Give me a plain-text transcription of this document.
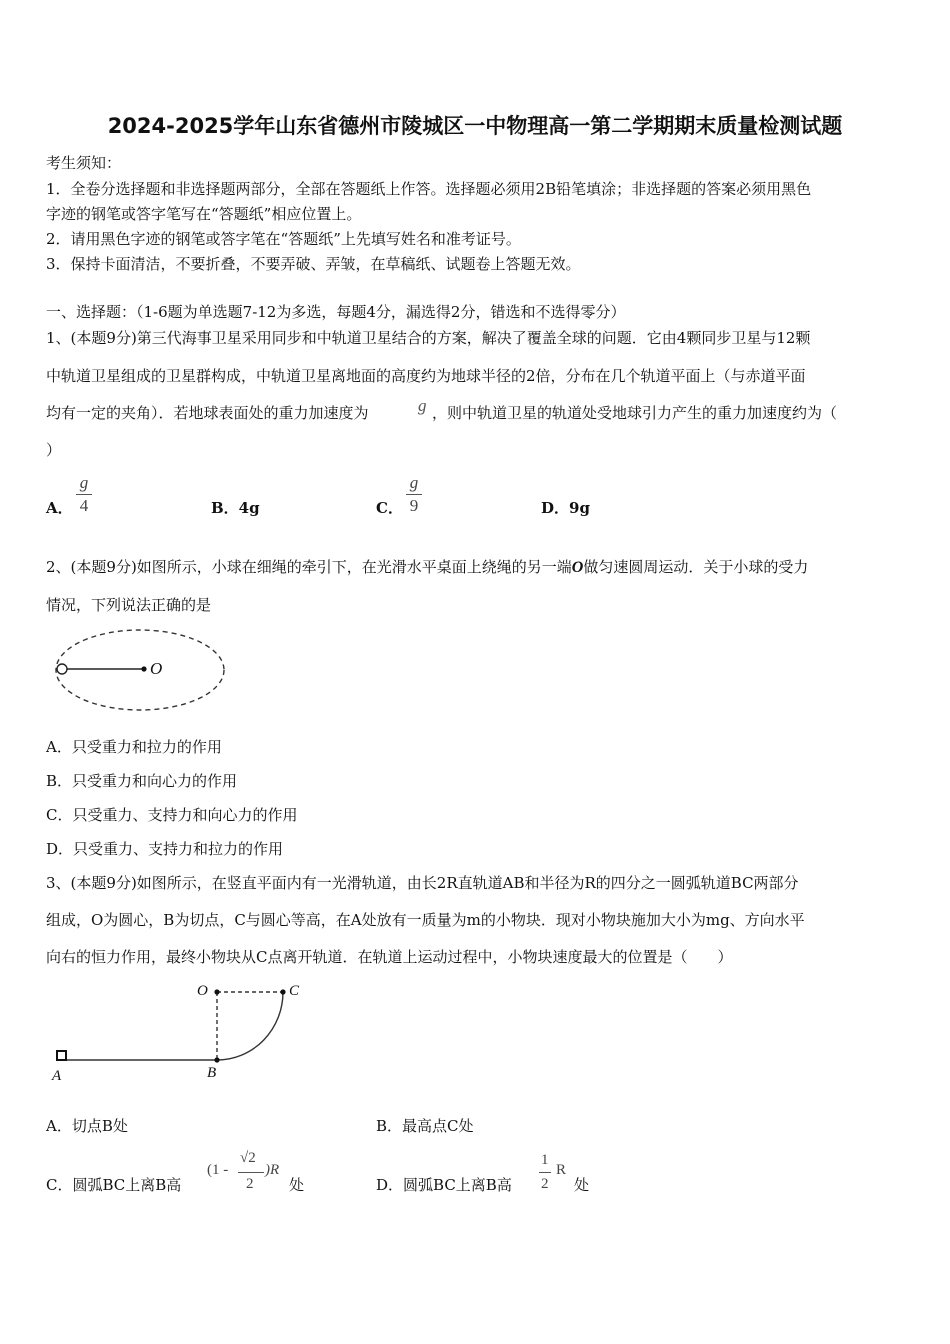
2024-2025学年山东省德州市陵城区一中物理高一第二学期期末质量检测试题
考生须知：
1．全卷分选择题和非选择题两部分，全部在答题纸上作答。选择题必须用2B铅笔填涂；非选择题的答案必须用黑色
字迹的钢笔或答字笔写在“答题纸”相应位置上。
2．请用黑色字迹的钢笔或答字笔在“答题纸”上先填写姓名和准考证号。
3．保持卡面清洁，不要折叠，不要弄破、弄皱，在草稿纸、试题卷上答题无效。
一、选择题：（1-6题为单选题7-12为多选，每题4分，漏选得2分，错选和不选得零分）
1、(本题9分)第三代海事卫星采用同步和中轨道卫星结合的方案，解决了覆盖全球的问题．它由4颗同步卫星与12颗
中轨道卫星组成的卫星群构成，中轨道卫星离地面的高度约为地球半径的2倍，分布在几个轨道平面上（与赤道平面
均有一定的夹角）．若地球表面处的重力加速度为	g ，则中轨道卫星的轨道处受地球引力产生的重力加速度约为（
）
A．
g
4	B．4g	C．
g
9	D．9g
2、(本题9分)如图所示，小球在细绳的牵引下，在光滑水平桌面上绕绳的另一端O做匀速圆周运动．关于小球的受力
情况，下列说法正确的是
O
A．只受重力和拉力的作用
B．只受重力和向心力的作用
C．只受重力、支持力和向心力的作用
D．只受重力、支持力和拉力的作用
3、(本题9分)如图所示，在竖直平面内有一光滑轨道，由长2R直轨道AB和半径为R的四分之一圆弧轨道BC两部分
组成，O为圆心，B为切点，C与圆心等高，在A处放有一质量为m的小物块．现对小物块施加大小为mg、方向水平
向右的恒力作用，最终小物块从C点离开轨道．在轨道上运动过程中，小物块速度最大的位置是（　　）
O	C
A	B
A．切点B处	B．最高点C处
C．圆弧BC上离B高
(1 -
√2
2
)R
处	D．圆弧BC上离B高
1
2
R
处
